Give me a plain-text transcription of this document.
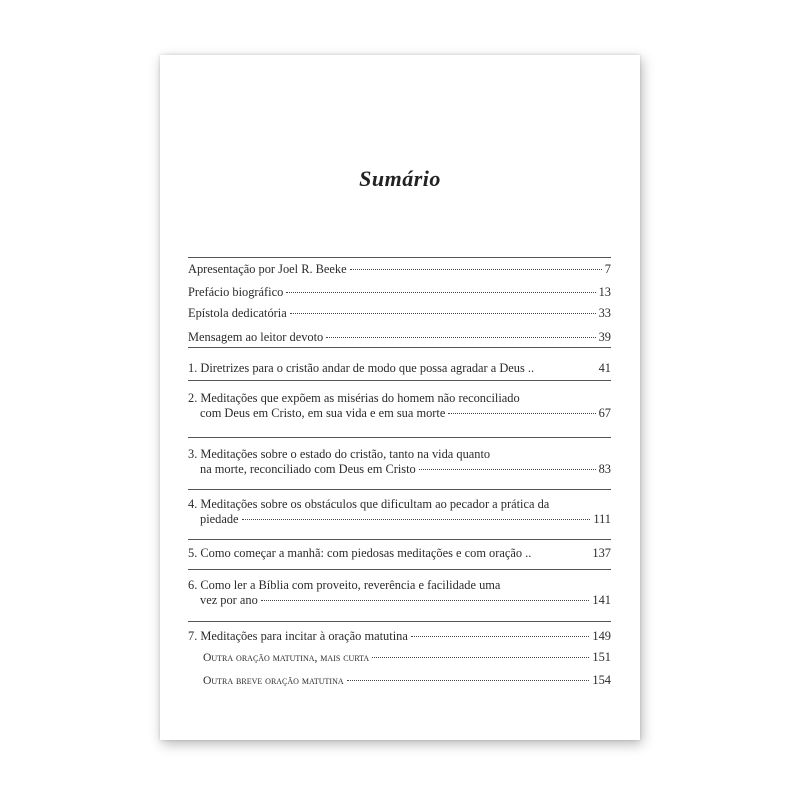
Sumário
Apresentação por Joel R. Beeke	7
Prefácio biográfico	13
Epístola dedicatória	33
Mensagem ao leitor devoto	39
1. Diretrizes para o cristão andar de modo que possa agradar a Deus ..	41
2. Meditações que expõem as misérias do homem não reconciliado
com Deus em Cristo, em sua vida e em sua morte	67
3. Meditações sobre o estado do cristão, tanto na vida quanto
na morte, reconciliado com Deus em Cristo	83
4. Meditações sobre os obstáculos que dificultam ao pecador a prática da
piedade	111
5. Como começar a manhã: com piedosas meditações e com oração ..	137
6. Como ler a Bíblia com proveito, reverência e facilidade uma
vez por ano	141
7. Meditações para incitar à oração matutina	149
Outra oração matutina, mais curta	151
Outra breve oração matutina	154
